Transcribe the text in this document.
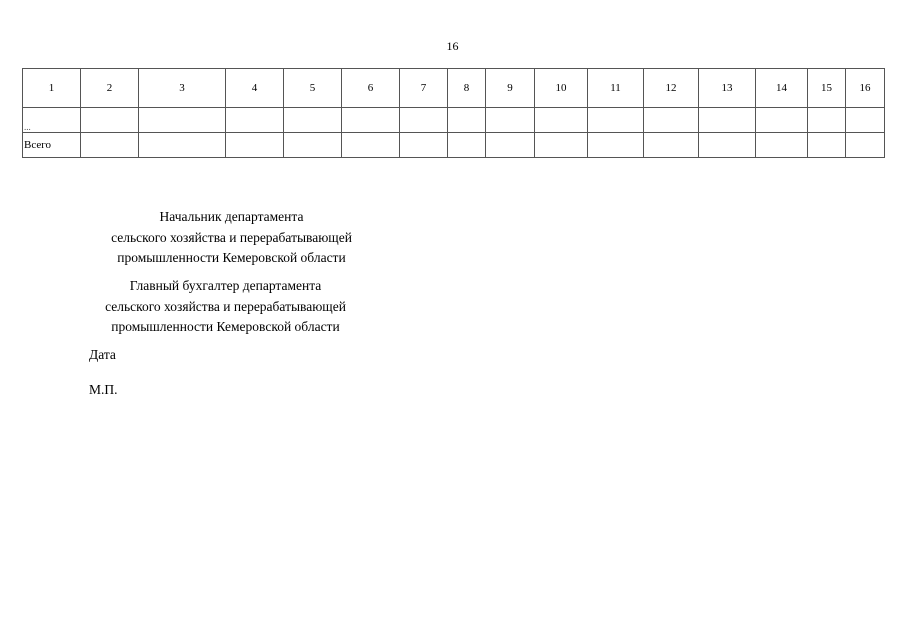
16
1	2	3	4	5	6	7	8	9	10	11	12	13	14	15	16
...															
Всего															
Начальник департамента
сельского хозяйства и перерабатывающей
промышленности Кемеровской области
Главный бухгалтер департамента
сельского хозяйства и перерабатывающей
промышленности Кемеровской области
Дата
М.П.
